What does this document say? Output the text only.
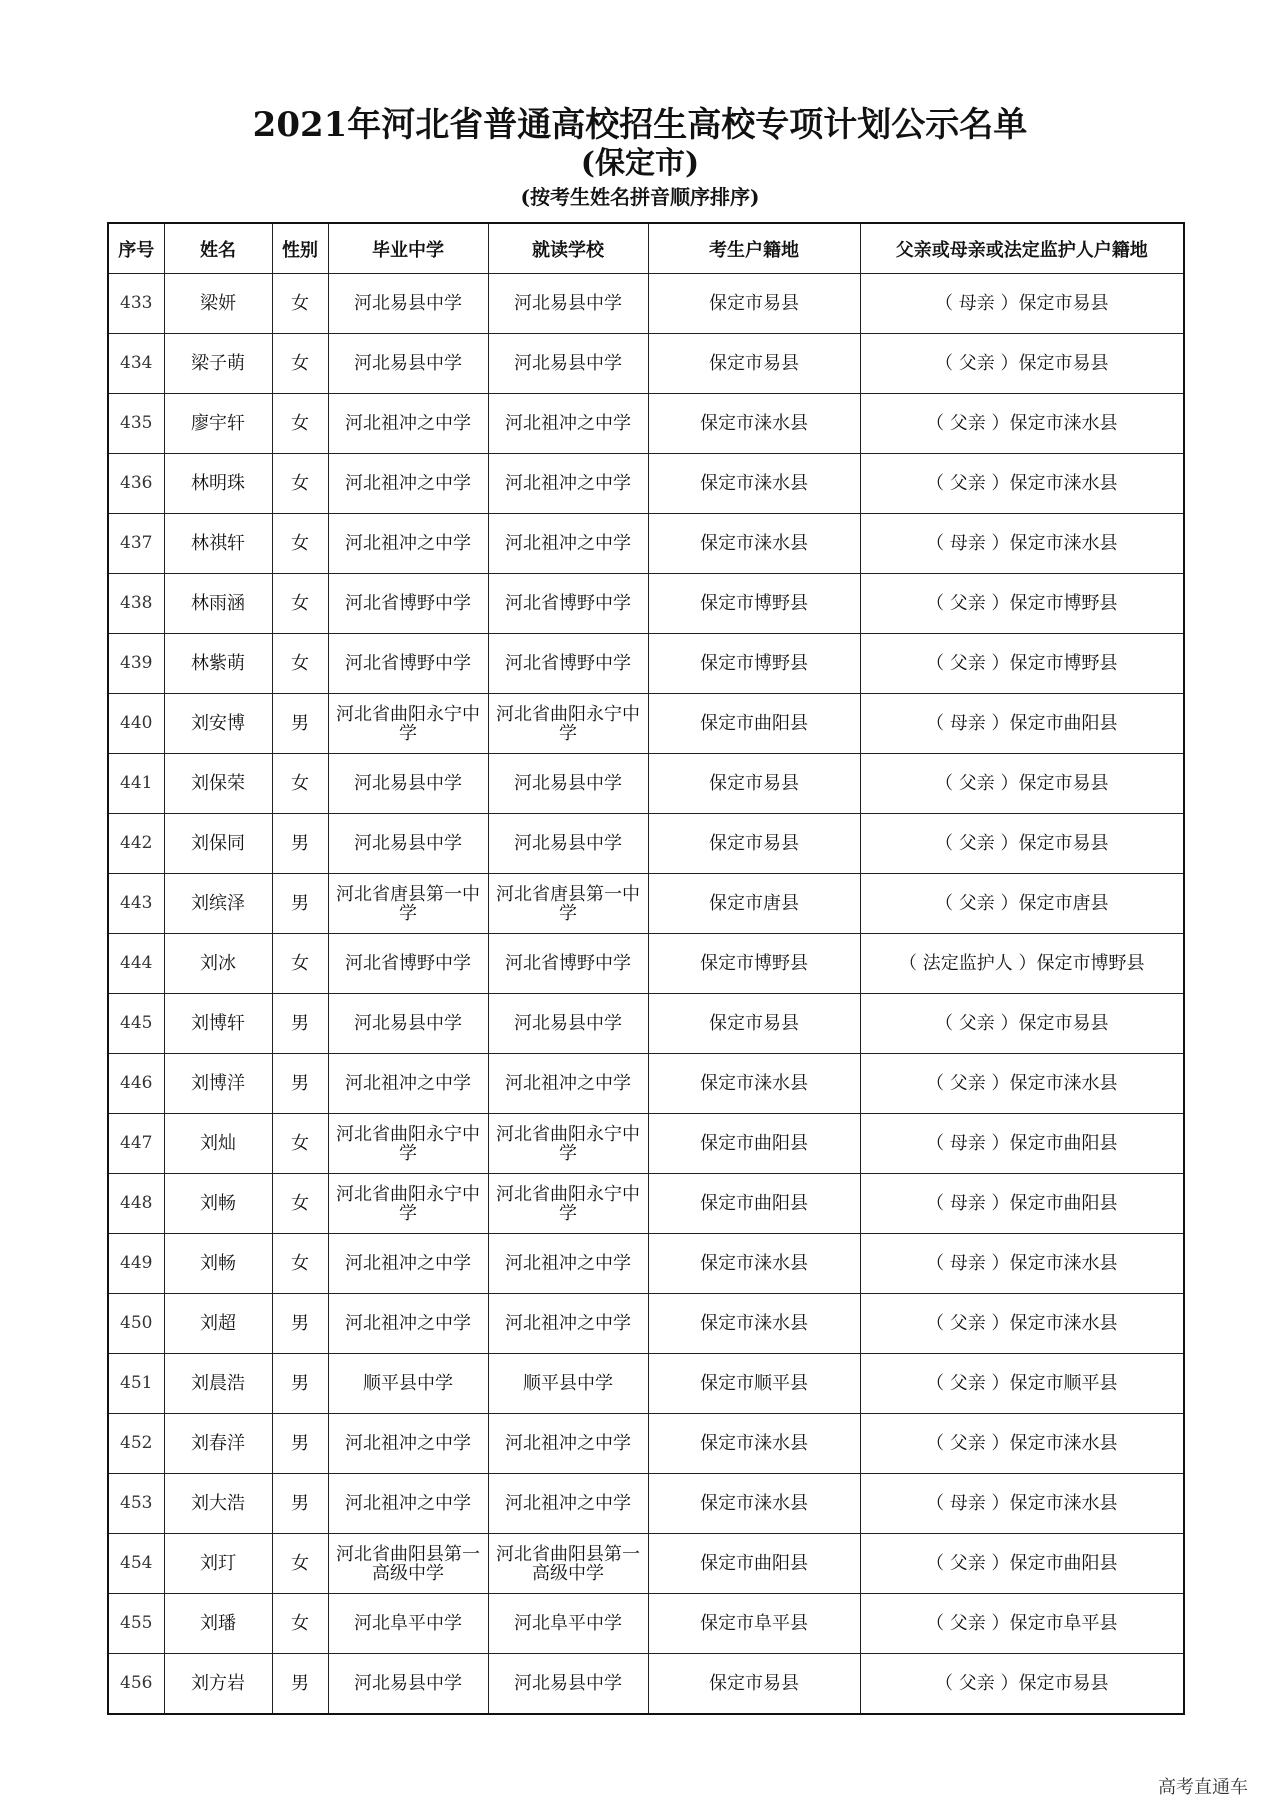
2021年河北省普通高校招生高校专项计划公示名单
(保定市)
(按考生姓名拼音顺序排序)
序号	姓名	性别	毕业中学	就读学校	考生户籍地	父亲或母亲或法定监护人户籍地
433	梁妍	女	河北易县中学	河北易县中学	保定市易县	（ 母亲 ）保定市易县
434	梁子萌	女	河北易县中学	河北易县中学	保定市易县	（ 父亲 ）保定市易县
435	廖宇轩	女	河北祖冲之中学	河北祖冲之中学	保定市涞水县	（ 父亲 ）保定市涞水县
436	林明珠	女	河北祖冲之中学	河北祖冲之中学	保定市涞水县	（ 父亲 ）保定市涞水县
437	林祺轩	女	河北祖冲之中学	河北祖冲之中学	保定市涞水县	（ 母亲 ）保定市涞水县
438	林雨涵	女	河北省博野中学	河北省博野中学	保定市博野县	（ 父亲 ）保定市博野县
439	林紫萌	女	河北省博野中学	河北省博野中学	保定市博野县	（ 父亲 ）保定市博野县
440	刘安博	男	河北省曲阳永宁中学	河北省曲阳永宁中学	保定市曲阳县	（ 母亲 ）保定市曲阳县
441	刘保荣	女	河北易县中学	河北易县中学	保定市易县	（ 父亲 ）保定市易县
442	刘保同	男	河北易县中学	河北易县中学	保定市易县	（ 父亲 ）保定市易县
443	刘缤泽	男	河北省唐县第一中学	河北省唐县第一中学	保定市唐县	（ 父亲 ）保定市唐县
444	刘冰	女	河北省博野中学	河北省博野中学	保定市博野县	（ 法定监护人 ）保定市博野县
445	刘博轩	男	河北易县中学	河北易县中学	保定市易县	（ 父亲 ）保定市易县
446	刘博洋	男	河北祖冲之中学	河北祖冲之中学	保定市涞水县	（ 父亲 ）保定市涞水县
447	刘灿	女	河北省曲阳永宁中学	河北省曲阳永宁中学	保定市曲阳县	（ 母亲 ）保定市曲阳县
448	刘畅	女	河北省曲阳永宁中学	河北省曲阳永宁中学	保定市曲阳县	（ 母亲 ）保定市曲阳县
449	刘畅	女	河北祖冲之中学	河北祖冲之中学	保定市涞水县	（ 母亲 ）保定市涞水县
450	刘超	男	河北祖冲之中学	河北祖冲之中学	保定市涞水县	（ 父亲 ）保定市涞水县
451	刘晨浩	男	顺平县中学	顺平县中学	保定市顺平县	（ 父亲 ）保定市顺平县
452	刘春洋	男	河北祖冲之中学	河北祖冲之中学	保定市涞水县	（ 父亲 ）保定市涞水县
453	刘大浩	男	河北祖冲之中学	河北祖冲之中学	保定市涞水县	（ 母亲 ）保定市涞水县
454	刘玎	女	河北省曲阳县第一高级中学	河北省曲阳县第一高级中学	保定市曲阳县	（ 父亲 ）保定市曲阳县
455	刘璠	女	河北阜平中学	河北阜平中学	保定市阜平县	（ 父亲 ）保定市阜平县
456	刘方岩	男	河北易县中学	河北易县中学	保定市易县	（ 父亲 ）保定市易县
高考直通车
